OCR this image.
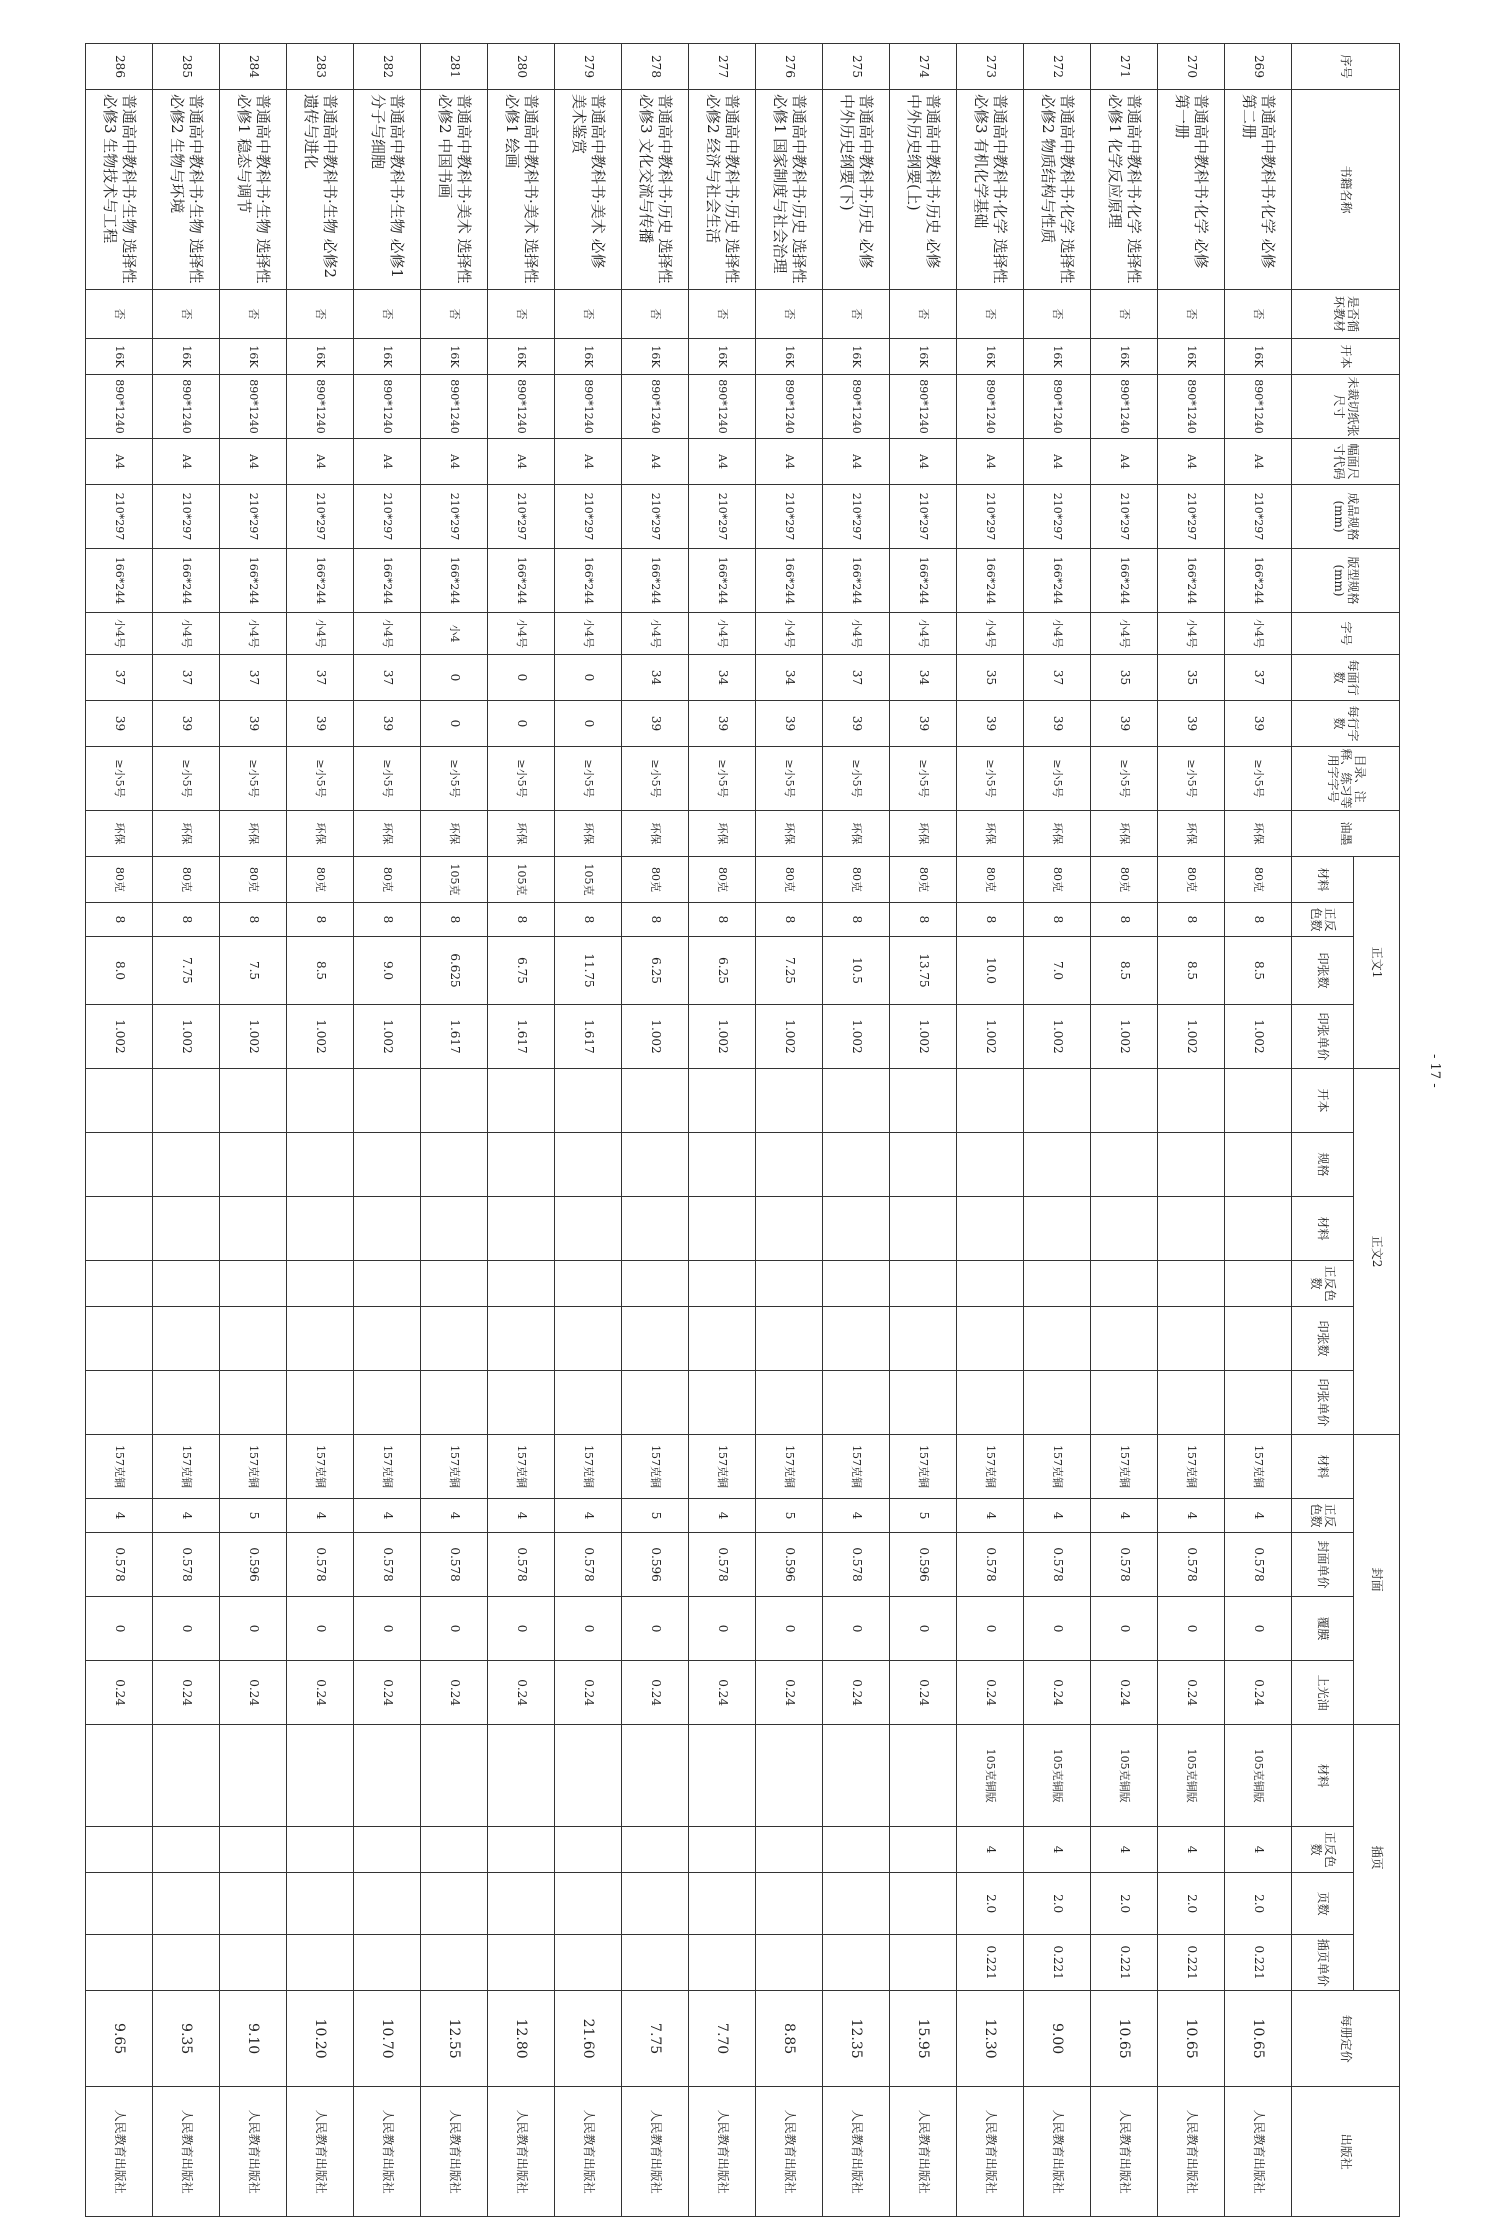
- 17 -
序号	书籍名称	是否循环教材	开本	未裁切纸张尺寸	幅面尺寸代码	成品规格(mm)	版型规格(mm)	字号	每面行数	每行字数	目录、注释、练习等用字字号	油墨	正文1				正文2						封面					插页				每册定价	出版社
													材料	正反色数	印张数	印张单价	开本	规格	材料	正反色数	印张数	印张单价	材料	正反色数	封面单价	覆膜	上光油	材料	正反色数	页数	插页单价		
269	普通高中教科书·化学 必修 第二册	否	16K	890*1240	A4	210*297	166*244	小4号	37	39	≥小5号	环保	80克	8	8.5	1.002							157克铜	4	0.578	0	0.24	105克铜版	4	2.0	0.221	10.65	人民教育出版社
270	普通高中教科书·化学 必修 第一册	否	16K	890*1240	A4	210*297	166*244	小4号	35	39	≥小5号	环保	80克	8	8.5	1.002							157克铜	4	0.578	0	0.24	105克铜版	4	2.0	0.221	10.65	人民教育出版社
271	普通高中教科书·化学 选择性必修1 化学反应原理	否	16K	890*1240	A4	210*297	166*244	小4号	35	39	≥小5号	环保	80克	8	8.5	1.002							157克铜	4	0.578	0	0.24	105克铜版	4	2.0	0.221	10.65	人民教育出版社
272	普通高中教科书·化学 选择性必修2 物质结构与性质	否	16K	890*1240	A4	210*297	166*244	小4号	37	39	≥小5号	环保	80克	8	7.0	1.002							157克铜	4	0.578	0	0.24	105克铜版	4	2.0	0.221	9.00	人民教育出版社
273	普通高中教科书·化学 选择性必修3 有机化学基础	否	16K	890*1240	A4	210*297	166*244	小4号	35	39	≥小5号	环保	80克	8	10.0	1.002							157克铜	4	0.578	0	0.24	105克铜版	4	2.0	0.221	12.30	人民教育出版社
274	普通高中教科书·历史 必修 中外历史纲要(上)	否	16K	890*1240	A4	210*297	166*244	小4号	34	39	≥小5号	环保	80克	8	13.75	1.002							157克铜	5	0.596	0	0.24					15.95	人民教育出版社
275	普通高中教科书·历史 必修 中外历史纲要(下)	否	16K	890*1240	A4	210*297	166*244	小4号	37	39	≥小5号	环保	80克	8	10.5	1.002							157克铜	4	0.578	0	0.24					12.35	人民教育出版社
276	普通高中教科书·历史 选择性必修1 国家制度与社会治理	否	16K	890*1240	A4	210*297	166*244	小4号	34	39	≥小5号	环保	80克	8	7.25	1.002							157克铜	5	0.596	0	0.24					8.85	人民教育出版社
277	普通高中教科书·历史 选择性必修2 经济与社会生活	否	16K	890*1240	A4	210*297	166*244	小4号	34	39	≥小5号	环保	80克	8	6.25	1.002							157克铜	4	0.578	0	0.24					7.70	人民教育出版社
278	普通高中教科书·历史 选择性必修3 文化交流与传播	否	16K	890*1240	A4	210*297	166*244	小4号	34	39	≥小5号	环保	80克	8	6.25	1.002							157克铜	5	0.596	0	0.24					7.75	人民教育出版社
279	普通高中教科书·美术 必修 美术鉴赏	否	16K	890*1240	A4	210*297	166*244	小4号	0	0	≥小5号	环保	105克	8	11.75	1.617							157克铜	4	0.578	0	0.24					21.60	人民教育出版社
280	普通高中教科书·美术 选择性必修1 绘画	否	16K	890*1240	A4	210*297	166*244	小4号	0	0	≥小5号	环保	105克	8	6.75	1.617							157克铜	4	0.578	0	0.24					12.80	人民教育出版社
281	普通高中教科书·美术 选择性必修2 中国书画	否	16K	890*1240	A4	210*297	166*244	小4	0	0	≥小5号	环保	105克	8	6.625	1.617							157克铜	4	0.578	0	0.24					12.55	人民教育出版社
282	普通高中教科书·生物 必修1 分子与细胞	否	16K	890*1240	A4	210*297	166*244	小4号	37	39	≥小5号	环保	80克	8	9.0	1.002							157克铜	4	0.578	0	0.24					10.70	人民教育出版社
283	普通高中教科书·生物 必修2 遗传与进化	否	16K	890*1240	A4	210*297	166*244	小4号	37	39	≥小5号	环保	80克	8	8.5	1.002							157克铜	4	0.578	0	0.24					10.20	人民教育出版社
284	普通高中教科书·生物 选择性必修1 稳态与调节	否	16K	890*1240	A4	210*297	166*244	小4号	37	39	≥小5号	环保	80克	8	7.5	1.002							157克铜	5	0.596	0	0.24					9.10	人民教育出版社
285	普通高中教科书·生物 选择性必修2 生物与环境	否	16K	890*1240	A4	210*297	166*244	小4号	37	39	≥小5号	环保	80克	8	7.75	1.002							157克铜	4	0.578	0	0.24					9.35	人民教育出版社
286	普通高中教科书·生物 选择性必修3 生物技术与工程	否	16K	890*1240	A4	210*297	166*244	小4号	37	39	≥小5号	环保	80克	8	8.0	1.002							157克铜	4	0.578	0	0.24					9.65	人民教育出版社
